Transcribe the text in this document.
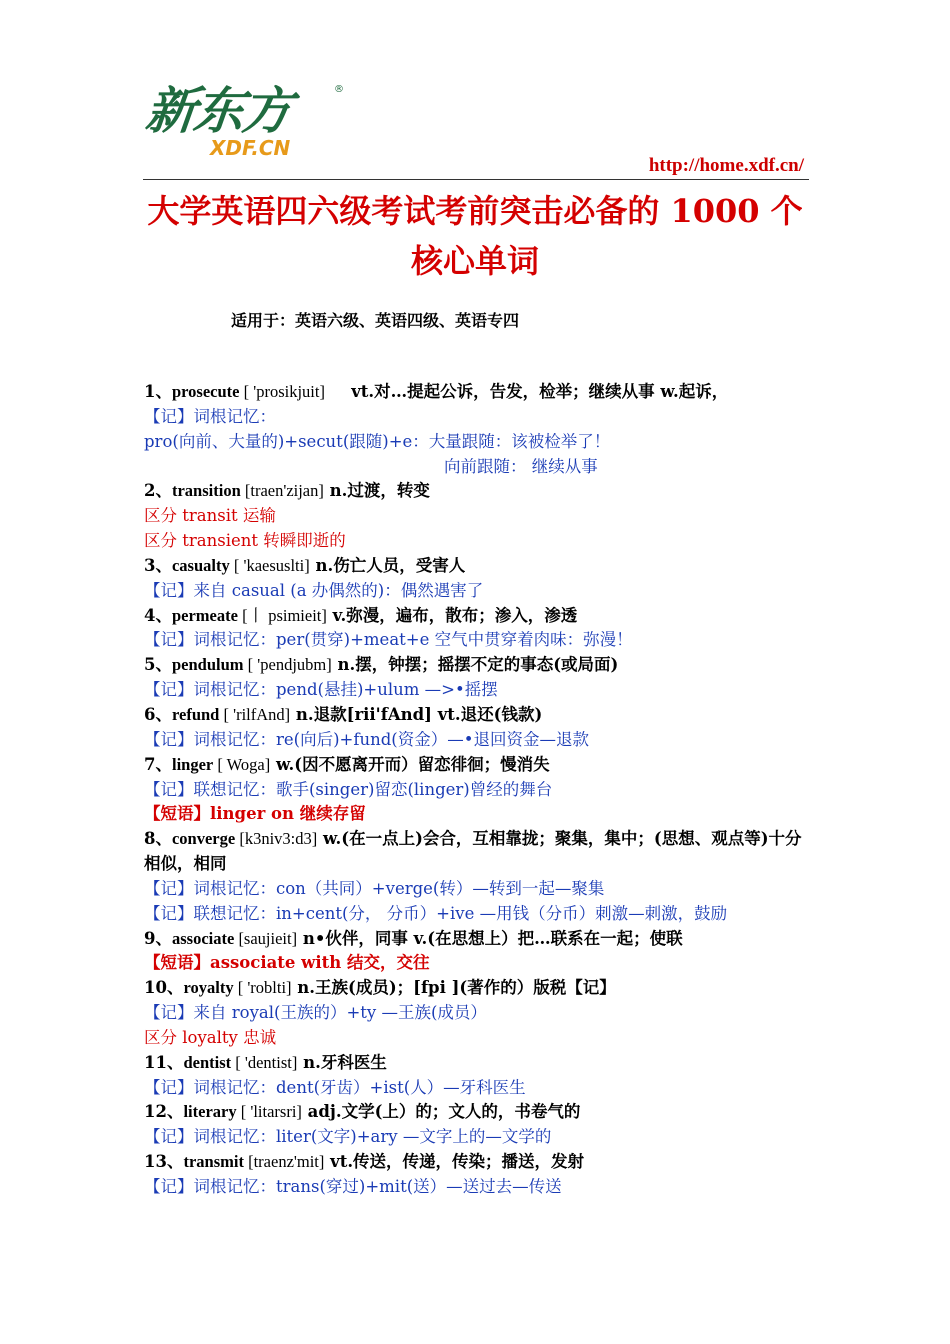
新东方	®
XDF.CN
http://home.xdf.cn/
大学英语四六级考试考前突击必备的 1000 个核心单词
适用于：英语六级、英语四级、英语专四
1、prosecute [ 'prosikjuit] vt.对…提起公诉，告发，检举；继续从事 w.起诉，
【记】词根记忆：
pro(向前、大量的)+secut(跟随)+e：大量跟随：该被检举了！
向前跟随： 继续从事
2、transition [traen'zijan] n.过渡，转变
区分 transit 运输
区分 transient 转瞬即逝的
3、casualty [ 'kaesuslti] n.伤亡人员，受害人
【记】来自 casual (a 办偶然的)：偶然遇害了
4、permeate [丨 psimieit] v.弥漫，遍布，散布；渗入，渗透
【记】词根记忆：per(贯穿)+meat+e 空气中贯穿着肉味：弥漫！
5、pendulum [ 'pendjubm] n.摆，钟摆；摇摆不定的事态(或局面)
【记】词根记忆：pend(悬挂)+ulum —>•摇摆
6、refund [ 'rilfAnd] n.退款[rii'fAnd] vt.退还(钱款)
【记】词根记忆：re(向后)+fund(资金）—•退回资金—退款
7、linger [ Woga] w.(因不愿离开而）留恋徘徊；慢消失
【记】联想记忆：歌手(singer)留恋(linger)曾经的舞台
【短语】linger on 继续存留
8、converge [k3niv3:d3] w.(在一点上)会合，互相靠拢；聚集，集中；(思想、观点等)十分
相似，相同
【记】词根记忆：con（共同）+verge(转）—转到一起—聚集
【记】联想记忆：in+cent(分， 分币）+ive —用钱（分币）刺激—刺激，鼓励
9、associate [saujieit] n•伙伴，同事 v.(在思想上）把…联系在一起；使联
【短语】associate with 结交，交往
10、royalty [ 'roblti] n.王族(成员)；[fpi ](著作的）版税【记】
【记】来自 royal(王族的）+ty —王族(成员）
区分 loyalty 忠诚
11、dentist [ 'dentist] n.牙科医生
【记】词根记忆：dent(牙齿）+ist(人）—牙科医生
12、literary [ 'litarsri] adj.文学(上）的；文人的，书卷气的
【记】词根记忆：liter(文字)+ary —文字上的—文学的
13、transmit [traenz'mit] vt.传送，传递，传染；播送，发射
【记】词根记忆：trans(穿过)+mit(送）—送过去—传送
